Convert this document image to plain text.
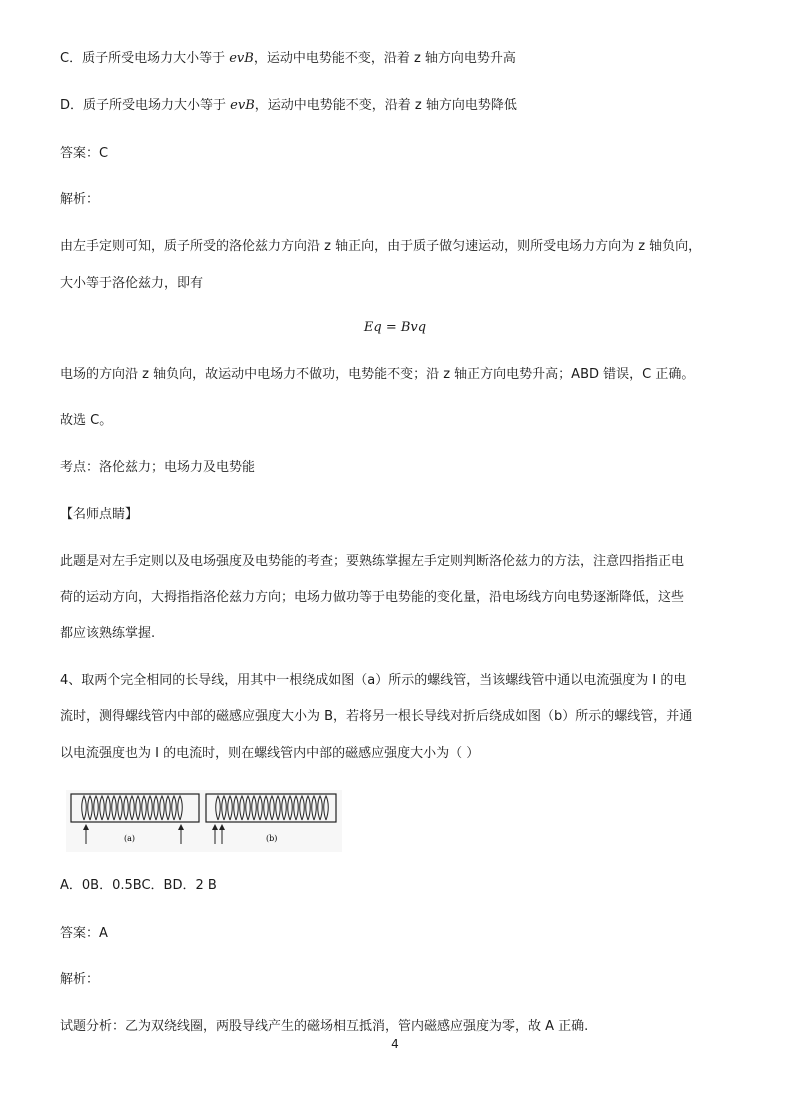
C．质子所受电场力大小等于 evB，运动中电势能不变，沿着 z 轴方向电势升高
D．质子所受电场力大小等于 evB，运动中电势能不变，沿着 z 轴方向电势降低
答案：C
解析：
由左手定则可知，质子所受的洛伦兹力方向沿 z 轴正向，由于质子做匀速运动，则所受电场力方向为 z 轴负向，
大小等于洛伦兹力，即有
Eq = Bvq
电场的方向沿 z 轴负向，故运动中电场力不做功，电势能不变；沿 z 轴正方向电势升高；ABD 错误，C 正确。
故选 C。
考点：洛伦兹力；电场力及电势能
【名师点睛】
此题是对左手定则以及电场强度及电势能的考查；要熟练掌握左手定则判断洛伦兹力的方法，注意四指指正电
荷的运动方向，大拇指指洛伦兹力方向；电场力做功等于电势能的变化量，沿电场线方向电势逐渐降低，这些
都应该熟练掌握.
4、取两个完全相同的长导线，用其中一根绕成如图（a）所示的螺线管，当该螺线管中通以电流强度为 I 的电
流时，测得螺线管内中部的磁感应强度大小为 B，若将另一根长导线对折后绕成如图（b）所示的螺线管，并通
以电流强度也为 I 的电流时，则在螺线管内中部的磁感应强度大小为（ ）
(a)	(b)
A．0B．0.5BC．BD．2 B
答案：A
解析：
试题分析：乙为双绕线圈，两股导线产生的磁场相互抵消，管内磁感应强度为零，故 A 正确.
4
